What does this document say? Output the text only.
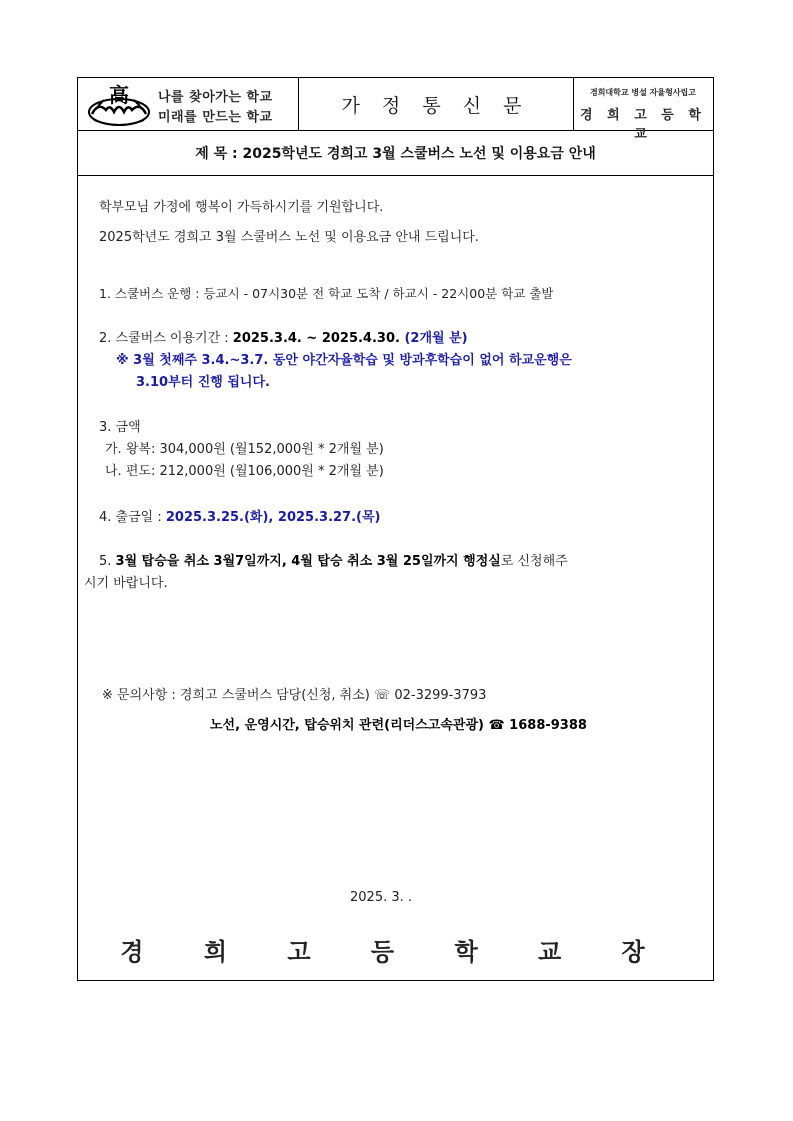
高 나를 찾아가는 학교
미래를 만드는 학교
가 정 통 신 문
경희대학교 병설 자율형사립고
경 희 고 등 학 교
제 목 : 2025학년도 경희고 3월 스쿨버스 노선 및 이용요금 안내
학부모님 가정에 행복이 가득하시기를 기원합니다.
2025학년도 경희고 3월 스쿨버스 노선 및 이용요금 안내 드립니다.
1. 스쿨버스 운행 : 등교시 - 07시30분 전 학교 도착 / 하교시 - 22시00분 학교 출발
2. 스쿨버스 이용기간 : 2025.3.4. ~ 2025.4.30. (2개월 분)
※ 3월 첫째주 3.4.~3.7. 동안 야간자율학습 및 방과후학습이 없어 하교운행은
3.10부터 진행 됩니다.
3. 금액
가. 왕복: 304,000원 (월152,000원 * 2개월 분)
나. 편도: 212,000원 (월106,000원 * 2개월 분)
4. 출금일 : 2025.3.25.(화), 2025.3.27.(목)
5. 3월 탑승을 취소 3월7일까지, 4월 탑승 취소 3월 25일까지 행정실로 신청해주
시기 바랍니다.
※ 문의사항 : 경희고 스쿨버스 담당(신청, 취소) ☏ 02-3299-3793
노선, 운영시간, 탑승위치 관련(리더스고속관광) ☎ 1688-9388
2025. 3. .
경 희 고 등 학 교 장
